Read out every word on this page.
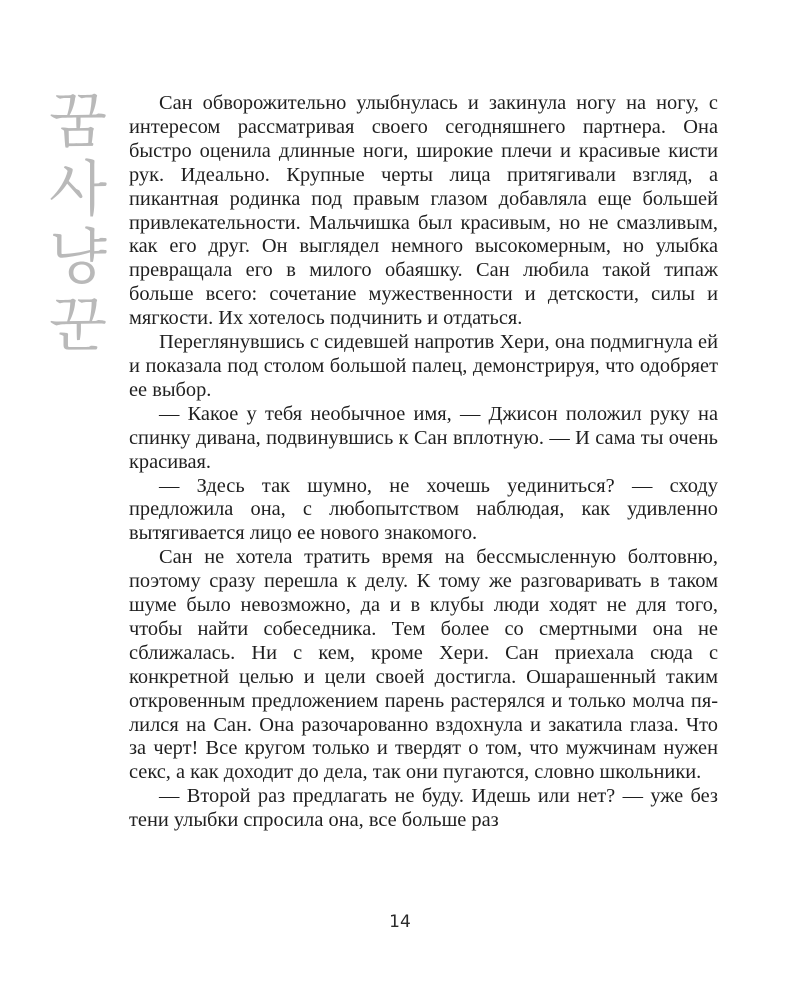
꿈
사
냥
꾼

Сан обворожительно улыбнулась и закинула ногу на ногу, с интересом рассматривая своего сегодняшнего партнера. Она быстро оценила длинные ноги, широкие плечи и красивые кисти рук. Идеально. Крупные черты лица притягивали взгляд, а пикантная родинка под правым глазом добавляла еще большей привлекательности. Мальчишка был красивым, но не смазливым, как его друг. Он выглядел немного высокомерным, но улыбка превращала его в милого обаяшку. Сан любила такой типаж больше всего: сочетание мужественности и детскости, силы и мягкости. Их хотелось подчинить и отдаться.

Переглянувшись с сидевшей напротив Хери, она подмигнула ей и показала под столом большой палец, демонстрируя, что одобряет ее выбор.

— Какое у тебя необычное имя, — Джисон положил руку на спинку дивана, подвинувшись к Сан вплотную. — И сама ты очень красивая.

— Здесь так шумно, не хочешь уединиться? — сходу предложила она, с любопытством наблюдая, как удивленно вытягивается лицо ее нового знакомого.

Сан не хотела тратить время на бессмысленную болтовню, поэтому сразу перешла к делу. К тому же разговаривать в таком шуме было невозможно, да и в клубы люди ходят не для того, чтобы найти собеседника. Тем более со смертными она не сближалась. Ни с кем, кроме Хери. Сан приехала сюда с конкретной целью и цели своей достигла. Ошарашенный таким откровенным предложением парень растерялся и только молча пялился на Сан. Она разочарованно вздохнула и закатила глаза. Что за черт! Все кругом только и твердят о том, что мужчинам нужен секс, а как доходит до дела, так они пугаются, словно школьники.

— Второй раз предлагать не буду. Идешь или нет? — уже без тени улыбки спросила она, все больше раз

14
